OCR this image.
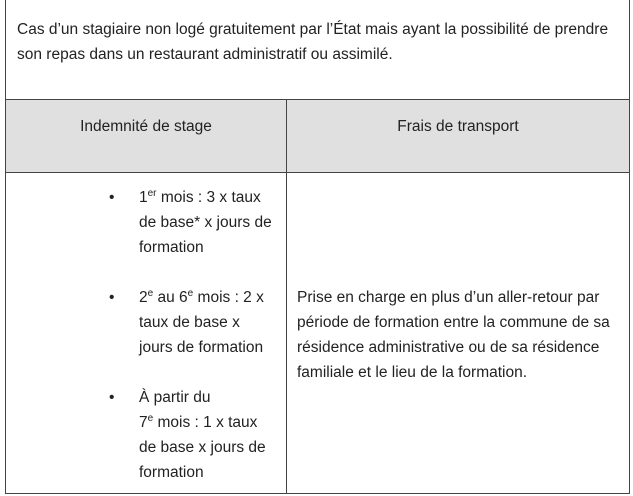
Cas d’un stagiaire non logé gratuitement par l’État mais ayant la possibilité de prendre
son repas dans un restaurant administratif ou assimilé.
Indemnité de stage	Frais de transport
• 1er mois : 3 x taux
de base* x jours de
formation
• 2e au 6e mois : 2 x
taux de base x
jours de formation
• À partir du
7e mois : 1 x taux
de base x jours de
formation
Prise en charge en plus d’un aller-retour par
période de formation entre la commune de sa
résidence administrative ou de sa résidence
familiale et le lieu de la formation.
